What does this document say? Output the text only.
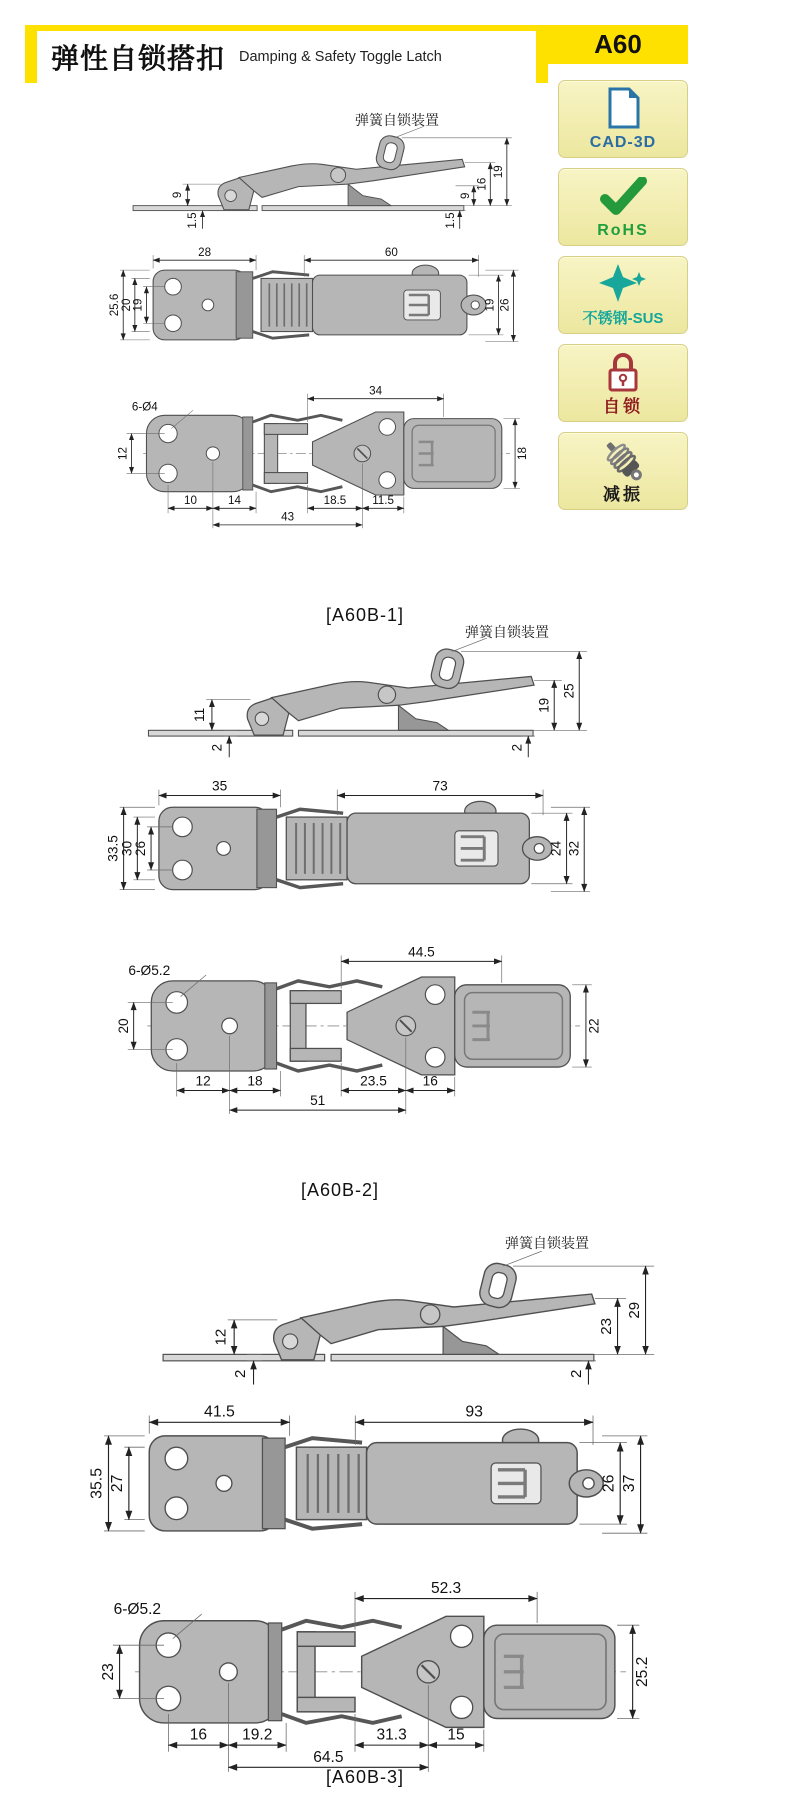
弹性自锁搭扣 Damping & Safety Toggle Latch	A60
CAD-3D
RoHS
不锈钢-SUS
自锁
减振
弹簧自锁装置
9
1.5
9
16
19
1.5
28	60
25.6
20
19	19 26
6-Ø4
34
12	18
10 14	18.5 11.5
43
[A60B-1]
弹簧自锁装置
11
2
19
25
2
35	73
33.5
30
26	24 32
6-Ø5.2
44.5
20	22
12	18	23.5	16
51
[A60B-2]
弹簧自锁装置
12
2
23
29
2
41.5	93
35.5 27	26 37
6-Ø5.2
52.3
23	25.2
16	19.2	31.3	15
64.5
[A60B-3]
